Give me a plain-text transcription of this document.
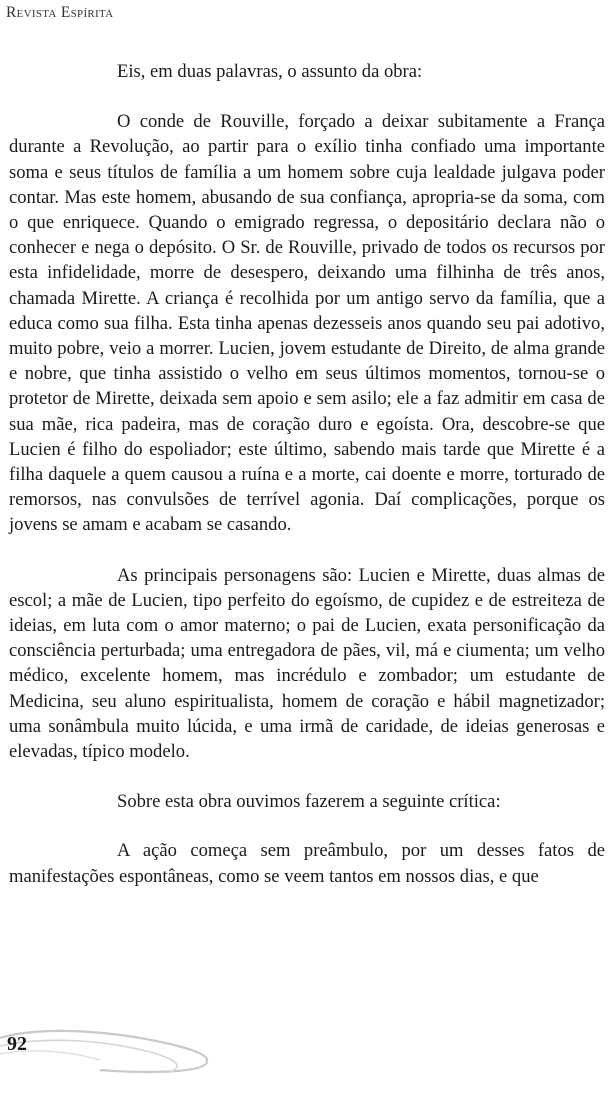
Revista Espírita

Eis, em duas palavras, o assunto da obra:

O conde de Rouville, forçado a deixar subitamente a França durante a Revolução, ao partir para o exílio tinha confiado uma importante soma e seus títulos de família a um homem sobre cuja lealdade julgava poder contar. Mas este homem, abusando de sua confiança, apropria-se da soma, com o que enriquece. Quando o emigrado regressa, o depositário declara não o conhecer e nega o depósito. O Sr. de Rouville, privado de todos os recursos por esta infidelidade, morre de desespero, deixando uma filhinha de três anos, chamada Mirette. A criança é recolhida por um antigo servo da família, que a educa como sua filha. Esta tinha apenas dezesseis anos quando seu pai adotivo, muito pobre, veio a morrer. Lucien, jovem estudante de Direito, de alma grande e nobre, que tinha assistido o velho em seus últimos momentos, tornou-se o protetor de Mirette, deixada sem apoio e sem asilo; ele a faz admitir em casa de sua mãe, rica padeira, mas de coração duro e egoísta. Ora, descobre-se que Lucien é filho do espoliador; este último, sabendo mais tarde que Mirette é a filha daquele a quem causou a ruína e a morte, cai doente e morre, torturado de remorsos, nas convulsões de terrível agonia. Daí complicações, porque os jovens se amam e acabam se casando.

As principais personagens são: Lucien e Mirette, duas almas de escol; a mãe de Lucien, tipo perfeito do egoísmo, de cupidez e de estreiteza de ideias, em luta com o amor materno; o pai de Lucien, exata personificação da consciência perturbada; uma entregadora de pães, vil, má e ciumenta; um velho médico, excelente homem, mas incrédulo e zombador; um estudante de Medicina, seu aluno espiritualista, homem de coração e hábil magnetizador; uma sonâmbula muito lúcida, e uma irmã de caridade, de ideias generosas e elevadas, típico modelo.

Sobre esta obra ouvimos fazerem a seguinte crítica:

A ação começa sem preâmbulo, por um desses fatos de manifestações espontâneas, como se veem tantos em nossos dias, e que

92
